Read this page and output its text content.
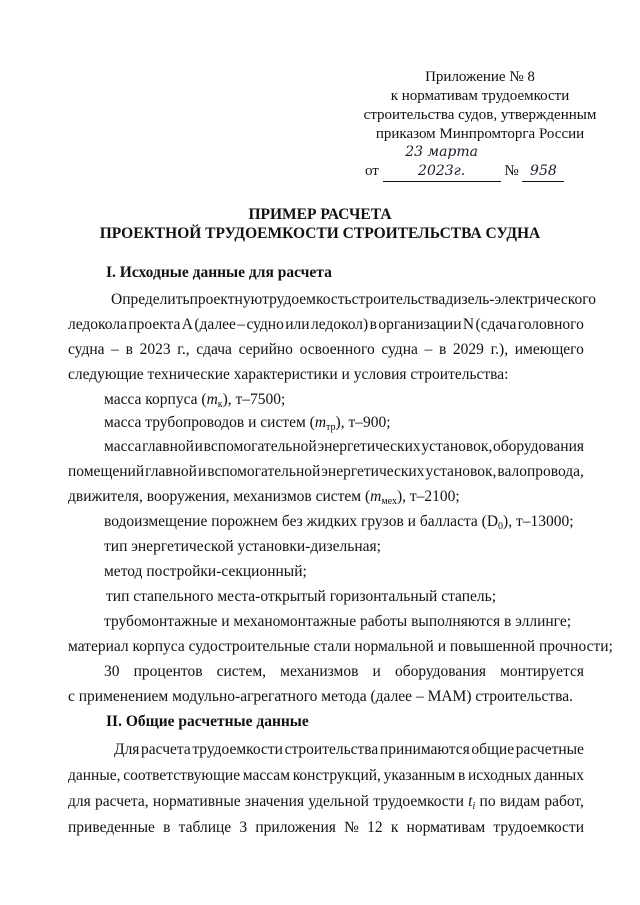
Приложение № 8
к нормативам трудоемкости
строительства судов, утвержденным
приказом Минпромторга России
от 23 марта 2023г.	№ 958
ПРИМЕР РАСЧЕТА
ПРОЕКТНОЙ ТРУДОЕМКОСТИ СТРОИТЕЛЬСТВА СУДНА
I. Исходные данные для расчета
Определить проектную трудоемкость строительства дизель-электрического
ледокола проекта А (далее – судно или ледокол) в организации N (сдача головного
судна – в 2023 г., сдача серийно освоенного судна – в 2029 г.), имеющего
следующие технические характеристики и условия строительства:
масса корпуса $(m_к)$, т–7500;
масса трубопроводов и систем $(m_{тр})$, т–900;
масса главной и вспомогательной энергетических установок, оборудования
помещений главной и вспомогательной энергетических установок, валопровода,
движителя, вооружения, механизмов систем $(m_{мех})$, т–2100;
водоизмещение порожнем без жидких грузов и балласта $(D_0)$, т–13000;
тип энергетической установки-дизельная;
метод постройки-секционный;
тип стапельного места-открытый горизонтальный стапель;
трубомонтажные и механомонтажные работы выполняются в эллинге;
материал корпуса судостроительные стали нормальной и повышенной прочности;
30 процентов систем, механизмов и оборудования монтируется
с применением модульно-агрегатного метода (далее – МАМ) строительства.
II. Общие расчетные данные
Для расчета трудоемкости строительства принимаются общие расчетные
данные, соответствующие массам конструкций, указанным в исходных данных
для расчета, нормативные значения удельной трудоемкости $t_i$ по видам работ,
приведенные в таблице 3 приложения № 12 к нормативам трудоемкости
